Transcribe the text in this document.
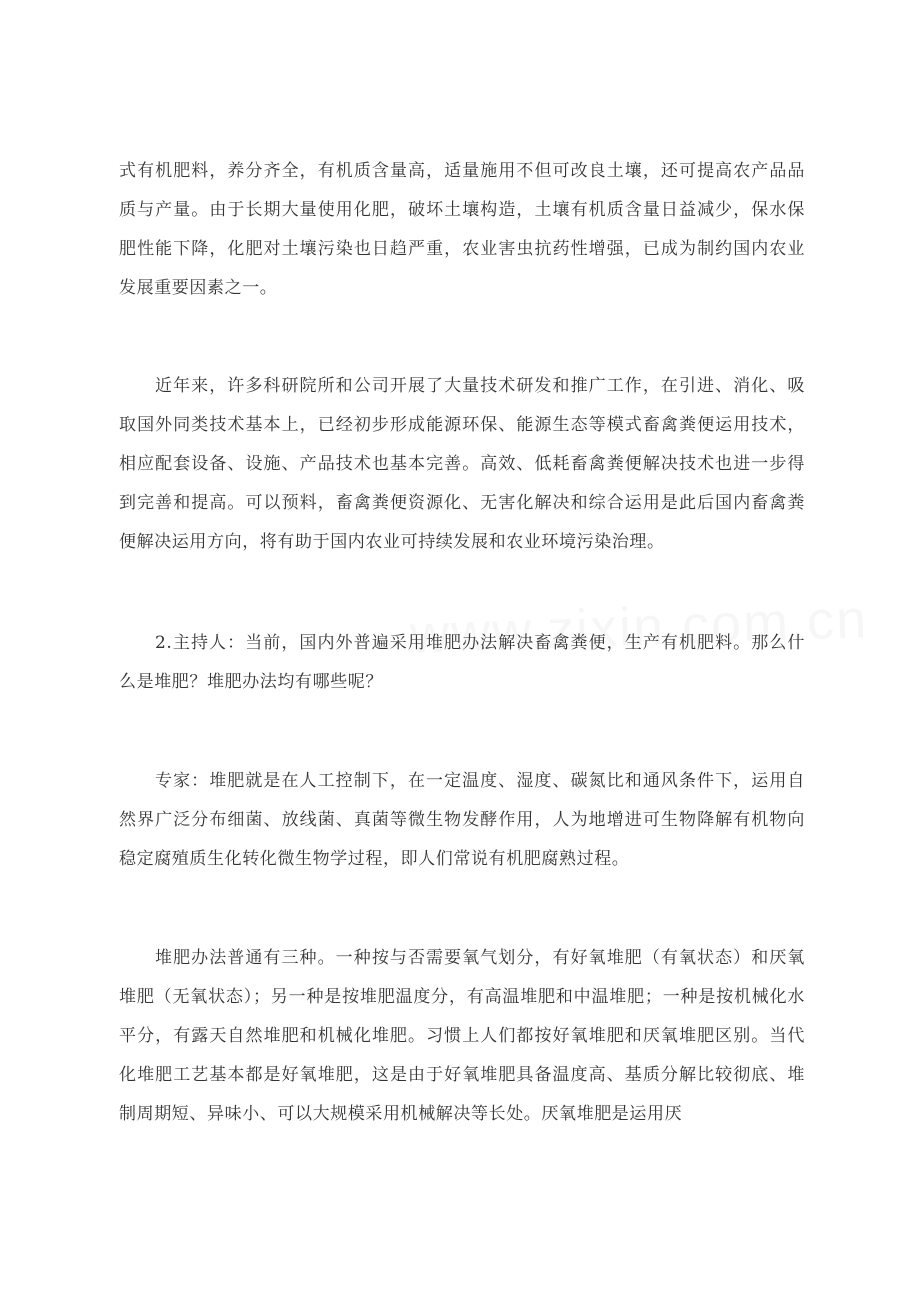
式有机肥料，养分齐全，有机质含量高，适量施用不但可改良土壤，还可提高农产品品质与产量。由于长期大量使用化肥，破坏土壤构造，土壤有机质含量日益减少，保水保肥性能下降，化肥对土壤污染也日趋严重，农业害虫抗药性增强，已成为制约国内农业发展重要因素之一。

近年来，许多科研院所和公司开展了大量技术研发和推广工作，在引进、消化、吸取国外同类技术基本上，已经初步形成能源环保、能源生态等模式畜禽粪便运用技术，相应配套设备、设施、产品技术也基本完善。高效、低耗畜禽粪便解决技术也进一步得到完善和提高。可以预料，畜禽粪便资源化、无害化解决和综合运用是此后国内畜禽粪便解决运用方向，将有助于国内农业可持续发展和农业环境污染治理。

2.主持人：当前，国内外普遍采用堆肥办法解决畜禽粪便，生产有机肥料。那么什么是堆肥？堆肥办法均有哪些呢？

专家：堆肥就是在人工控制下，在一定温度、湿度、碳氮比和通风条件下，运用自然界广泛分布细菌、放线菌、真菌等微生物发酵作用，人为地增进可生物降解有机物向稳定腐殖质生化转化微生物学过程，即人们常说有机肥腐熟过程。

堆肥办法普通有三种。一种按与否需要氧气划分，有好氧堆肥（有氧状态）和厌氧堆肥（无氧状态）；另一种是按堆肥温度分，有高温堆肥和中温堆肥；一种是按机械化水平分，有露天自然堆肥和机械化堆肥。习惯上人们都按好氧堆肥和厌氧堆肥区别。当代化堆肥工艺基本都是好氧堆肥，这是由于好氧堆肥具备温度高、基质分解比较彻底、堆制周期短、异味小、可以大规模采用机械解决等长处。厌氧堆肥是运用厌
